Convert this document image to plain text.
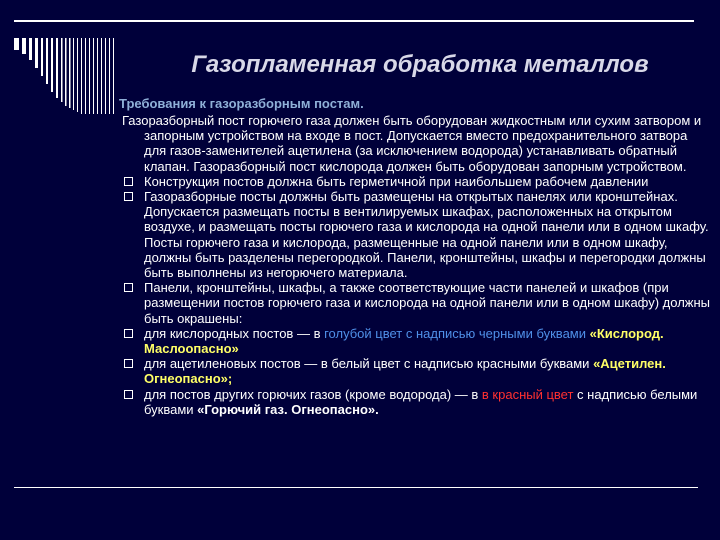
Газопламенная обработка металлов
Требования к газоразборным постам.

Газоразборный пост горючего газа должен быть оборудован жидкостным или сухим затвором и запорным устройством на входе в пост. Допускается вместо предохранительного затвора для газов-заменителей ацетилена (за исключением водорода) устанавливать обратный клапан. Газоразборный пост кислорода должен быть оборудован запорным устройством.

Конструкция постов должна быть герметичной при наибольшем рабочем давлении
Газоразборные посты должны быть размещены на открытых панелях или кронштейнах. Допускается размещать посты в вентилируемых шкафах, расположенных на открытом воздухе, и размещать посты горючего газа и кислорода на одной панели или в одном шкафу. Посты горючего газа и кислорода, размещенные на одной панели или в одном шкафу, должны быть разделены перегородкой. Панели, кронштейны, шкафы и перегородки должны быть выполнены из негорючего материала.
Панели, кронштейны, шкафы, а также соответствующие части панелей и шкафов (при размещении постов горючего газа и кислорода на одной панели или в одном шкафу) должны быть окрашены:
для кислородных постов — в голубой цвет с надписью черными буквами «Кислород. Маслоопасно»
для ацетиленовых постов — в белый цвет с надписью красными буквами «Ацетилен. Огнеопасно»;
для постов других горючих газов (кроме водорода) — в в красный цвет с надписью белыми буквами «Горючий газ. Огнеопасно».
